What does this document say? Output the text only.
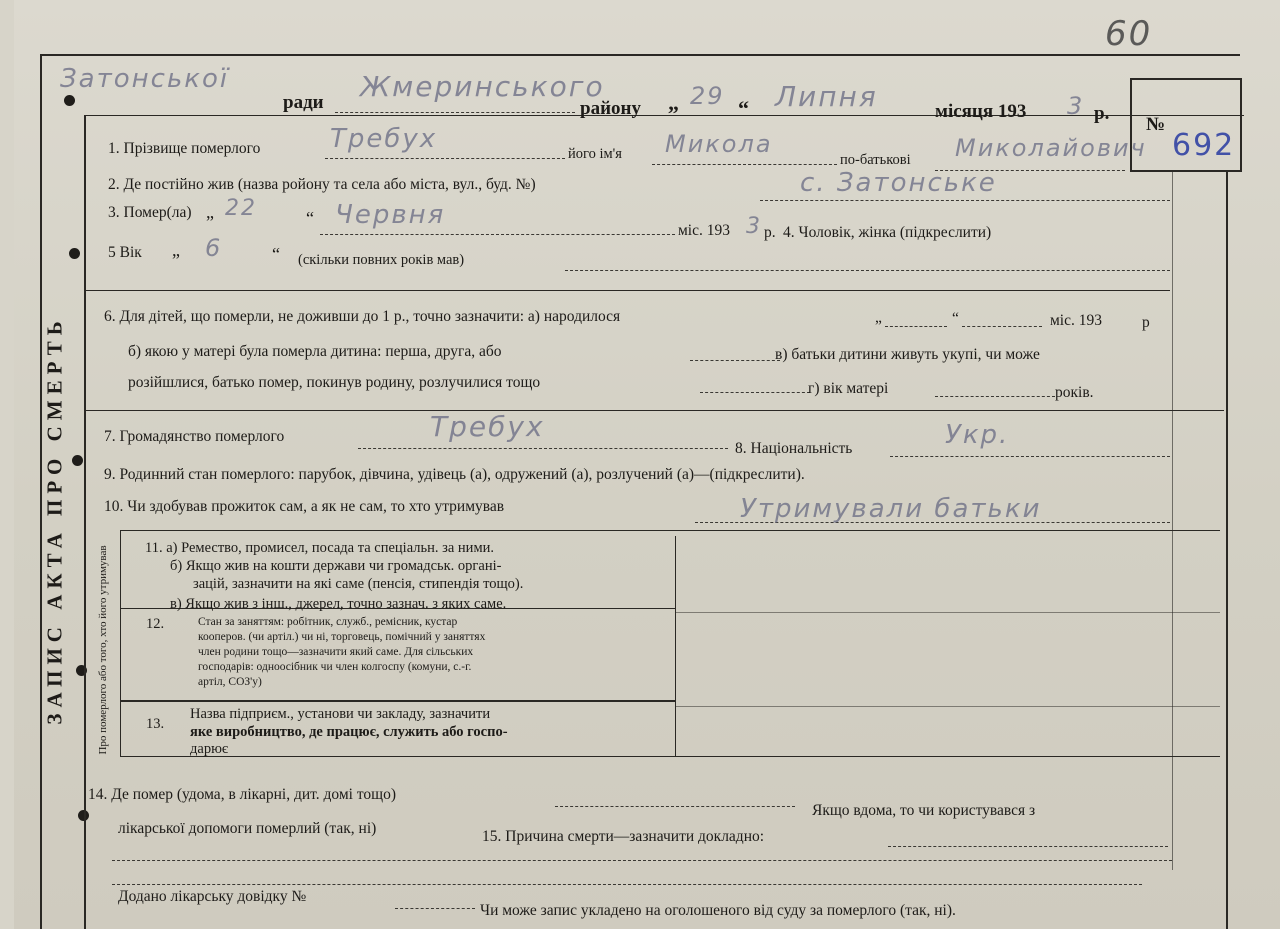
60
№
692
ЗАПИС АКТА ПРО СМЕРТЬ	Про померлого або того, хто його утримував
Затонської
ради Жмеринського
району „ 29 “ Липня	місяця 193 3 р.
1. Прізвище померлого	Требух	його ім'я Микола
по-батькові Миколайович
2. Де постійно жив (назва ройону та села або міста, вул., буд. №)	с. Затонське
3. Помер(ла) „ 22	“ Червня
міс. 193 3 р. 4. Чоловік, жінка (підкреслити)
5 Вік „ 6	“ (скільки повних років мав)
6. Для дітей, що померли, не доживши до 1 р., точно зазначити: а) народилося	„	“	міс. 193	р
б) якою у матері була померла дитина: перша, друга, або	в) батьки дитини живуть укупі, чи може
розійшлися, батько помер, покинув родину, розлучилися тощо	г) вік матері	років.
7. Громадянство померлого	Требух
8. Національність	Укр.
9. Родинний стан померлого: парубок, дівчина, удівець (а), одружений (а), розлучений (а)—(підкреслити).
10. Чи здобував прожиток сам, а як не сам, то хто утримував	Утримували батьки
11. а) Ремество, промисел, посада та спеціальн. за ними.
б) Якщо жив на кошти держави чи громадськ. органі-
зацій, зазначити на які саме (пенсія, стипендія тощо).
в) Якщо жив з інш., джерел, точно зазнач. з яких саме.
12.	Стан за заняттям: робітник, служб., ремісник, кустар
кооперов. (чи артіл.) чи ні, торговець, помічний у заняттях
член родини тощо—зазначити який саме. Для сільських
господарів: одноосібник чи член колгоспу (комуни, с.-г.
артіл, СОЗ'у)
13.
Назва підприєм., установи чи закладу, зазначити
яке виробництво, де працює, служить або госпо-
дарює
14. Де помер (удома, в лікарні, дит. домі тощо)
Якщо вдома, то чи користувався з
лікарської допомоги померлий (так, ні)	15. Причина смерти—зазначити докладно:
Додано лікарську довідку №
Чи може запис укладено на оголошеного від суду за померлого (так, ні).
